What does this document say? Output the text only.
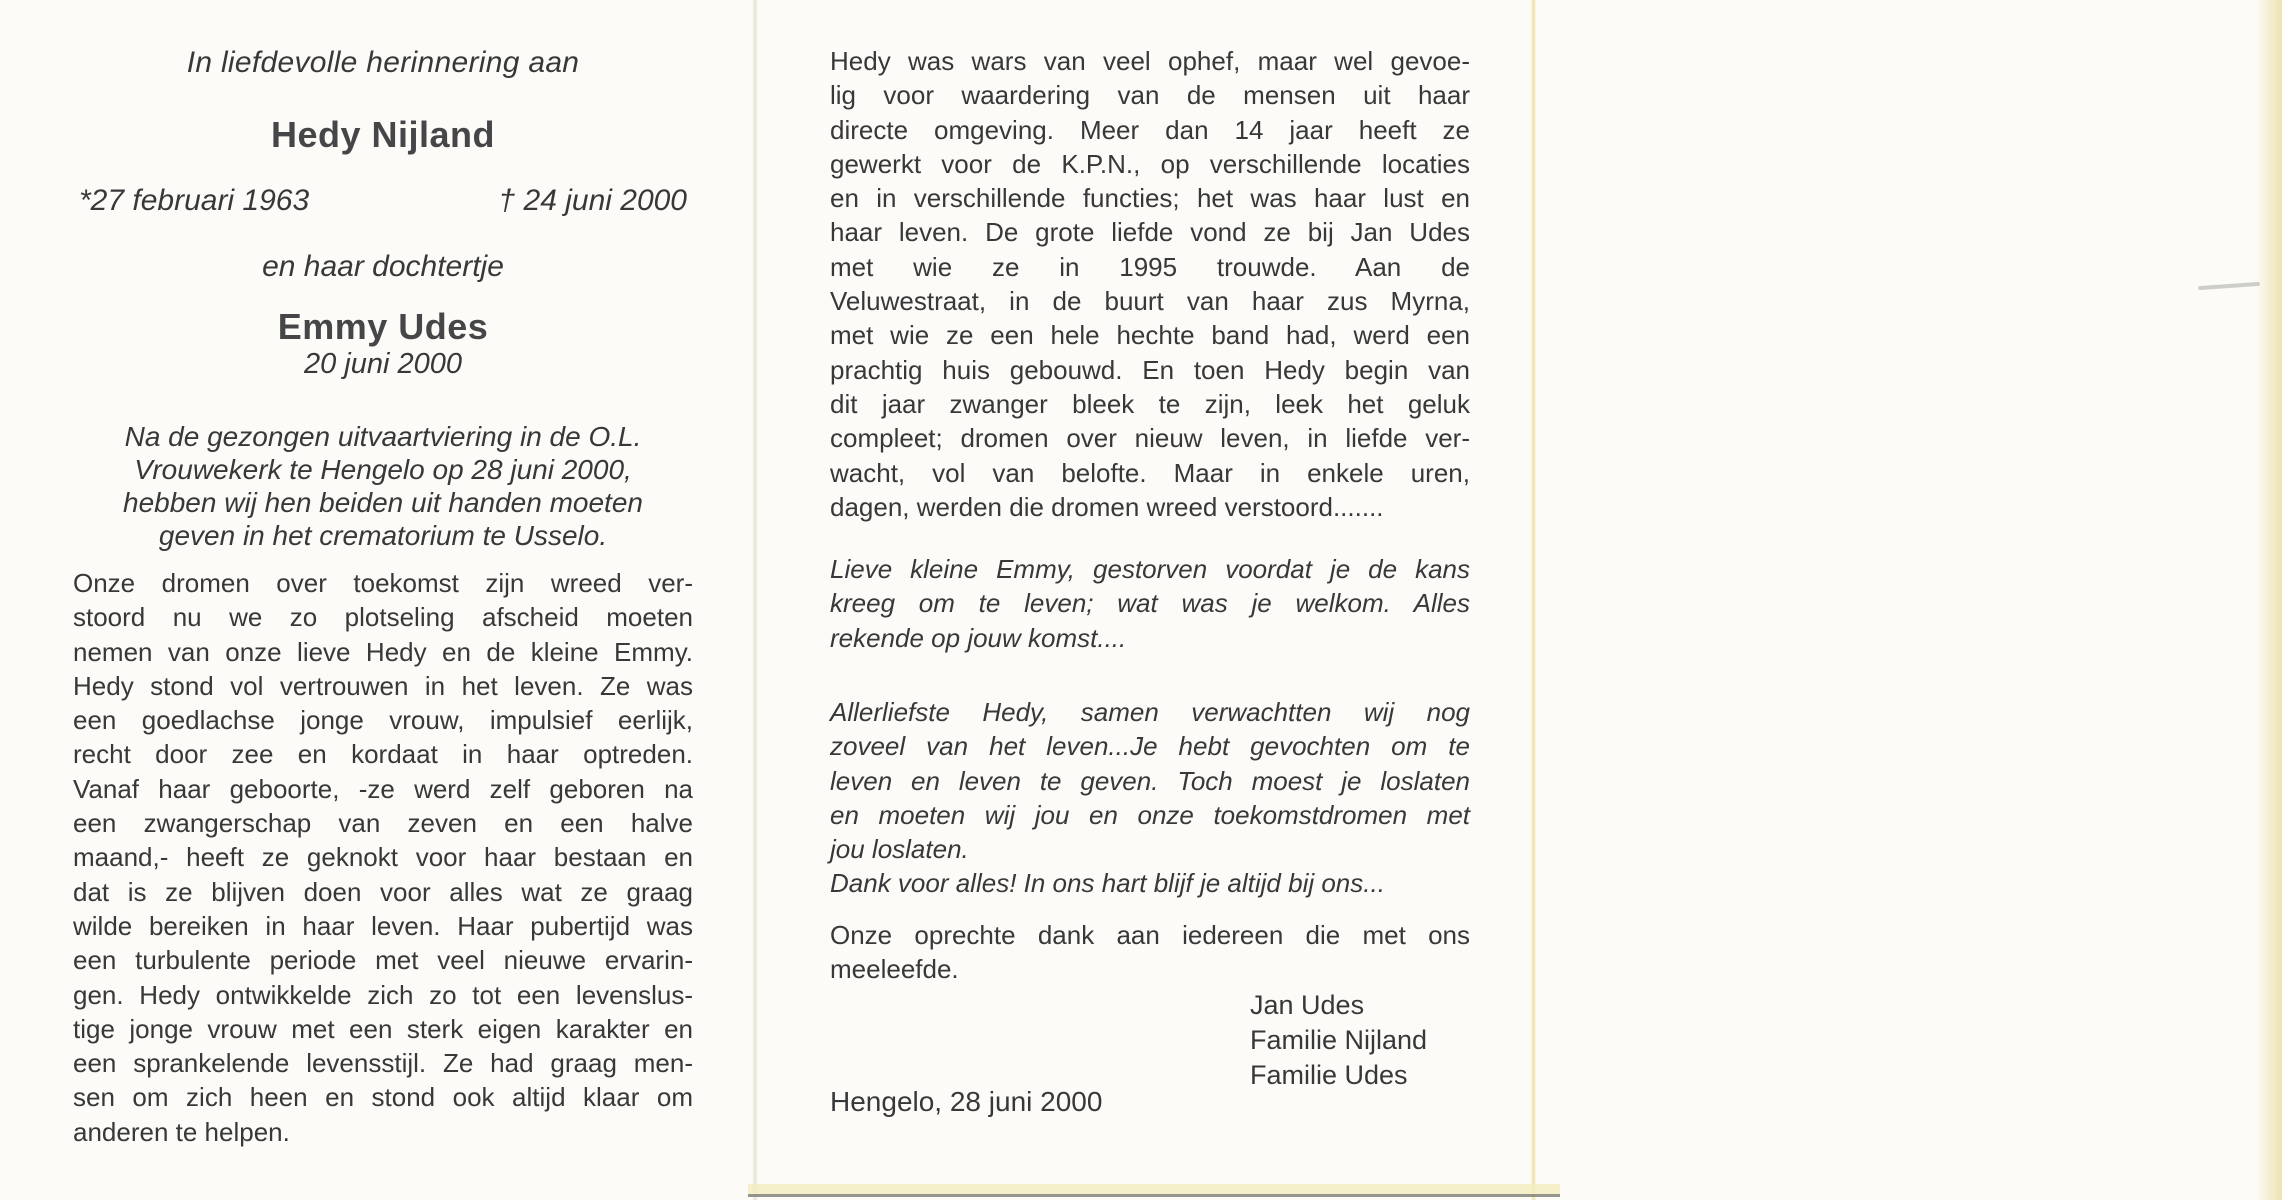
In liefdevolle herinnering aan
Hedy Nijland
*27 februari 1963	† 24 juni 2000
en haar dochtertje
Emmy Udes
20 juni 2000
Na de gezongen uitvaartviering in de O.L.
Vrouwekerk te Hengelo op 28 juni 2000,
hebben wij hen beiden uit handen moeten
geven in het crematorium te Usselo.
Onze dromen over toekomst zijn wreed ver-
stoord nu we zo plotseling afscheid moeten
nemen van onze lieve Hedy en de kleine Emmy.
Hedy stond vol vertrouwen in het leven. Ze was
een goedlachse jonge vrouw, impulsief eerlijk,
recht door zee en kordaat in haar optreden.
Vanaf haar geboorte, -ze werd zelf geboren na
een zwangerschap van zeven en een halve
maand,- heeft ze geknokt voor haar bestaan en
dat is ze blijven doen voor alles wat ze graag
wilde bereiken in haar leven. Haar pubertijd was
een turbulente periode met veel nieuwe ervarin-
gen. Hedy ontwikkelde zich zo tot een levenslus-
tige jonge vrouw met een sterk eigen karakter en
een sprankelende levensstijl. Ze had graag men-
sen om zich heen en stond ook altijd klaar om
anderen te helpen.
Hedy was wars van veel ophef, maar wel gevoe-
lig voor waardering van de mensen uit haar
directe omgeving. Meer dan 14 jaar heeft ze
gewerkt voor de K.P.N., op verschillende locaties
en in verschillende functies; het was haar lust en
haar leven. De grote liefde vond ze bij Jan Udes
met wie ze in 1995 trouwde. Aan de
Veluwestraat, in de buurt van haar zus Myrna,
met wie ze een hele hechte band had, werd een
prachtig huis gebouwd. En toen Hedy begin van
dit jaar zwanger bleek te zijn, leek het geluk
compleet; dromen over nieuw leven, in liefde ver-
wacht, vol van belofte. Maar in enkele uren,
dagen, werden die dromen wreed verstoord.......
Lieve kleine Emmy, gestorven voordat je de kans
kreeg om te leven; wat was je welkom. Alles
rekende op jouw komst....
Allerliefste Hedy, samen verwachtten wij nog
zoveel van het leven...Je hebt gevochten om te
leven en leven te geven. Toch moest je loslaten
en moeten wij jou en onze toekomstdromen met
jou loslaten.
Dank voor alles! In ons hart blijf je altijd bij ons...
Onze oprechte dank aan iedereen die met ons
meeleefde.
Jan Udes
Familie Nijland
Familie Udes
Hengelo, 28 juni 2000
